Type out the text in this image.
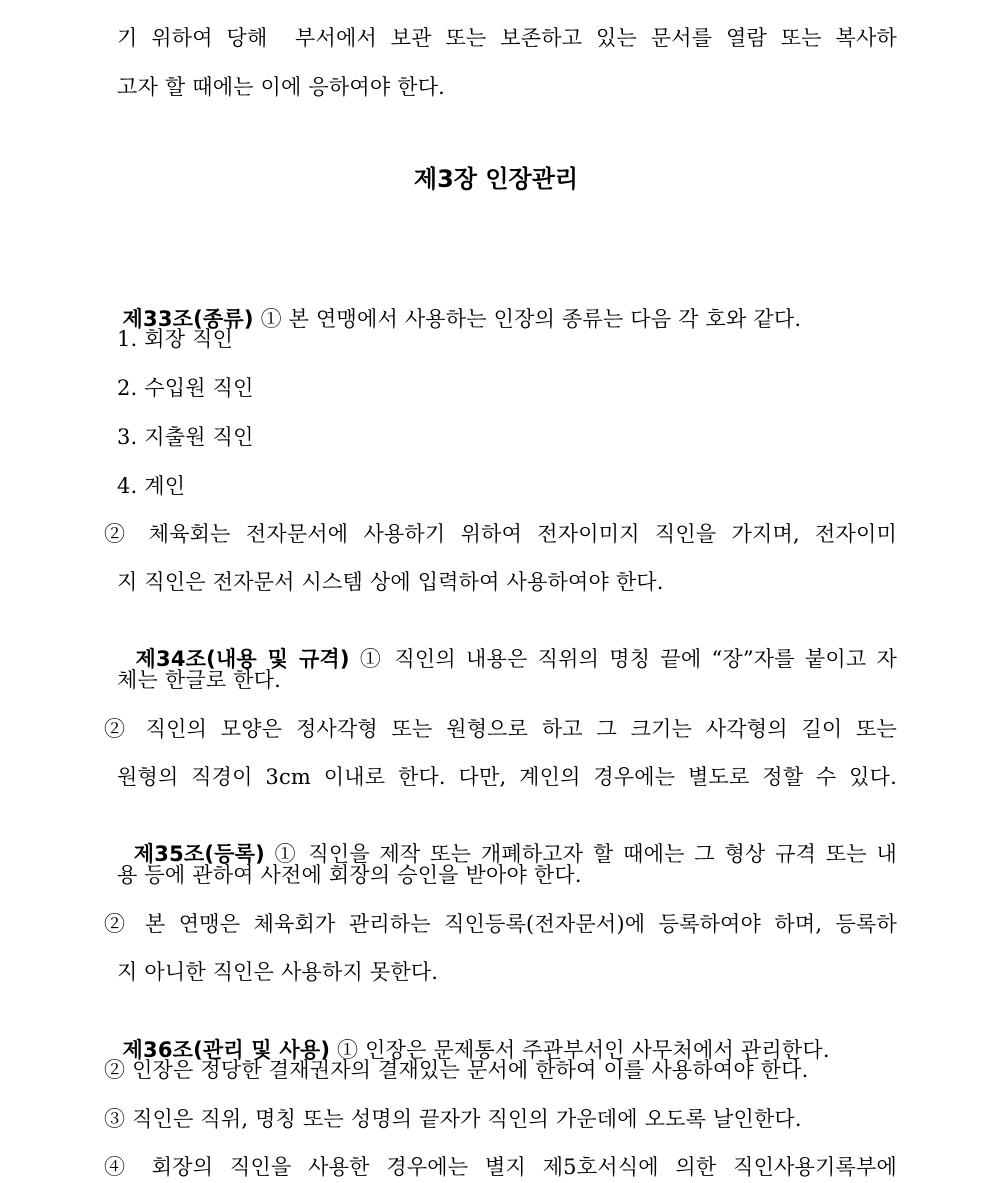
기 위하여 당해  부서에서 보관 또는 보존하고 있는 문서를 열람 또는 복사하
고자 할 때에는 이에 응하여야 한다.
제3장 인장관리

제33조(종류) ① 본 연맹에서 사용하는 인장의 종류는 다음 각 호와 같다.

1. 회장 직인
2. 수입원 직인
3. 지출원 직인
4. 계인
② 체육회는 전자문서에 사용하기 위하여 전자이미지 직인을 가지며, 전자이미
지 직인은 전자문서 시스템 상에 입력하여 사용하여야 한다.

제34조(내용 및 규격) ① 직인의 내용은 직위의 명칭 끝에 “장”자를 붙이고 자

체는 한글로 한다.
② 직인의 모양은 정사각형 또는 원형으로 하고 그 크기는 사각형의 길이 또는
원형의 직경이 3cm 이내로 한다. 다만, 계인의 경우에는 별도로 정할 수 있다.

제35조(등록) ① 직인을 제작 또는 개폐하고자 할 때에는 그 형상 규격 또는 내

용 등에 관하여 사전에 회장의 승인을 받아야 한다.
② 본 연맹은 체육회가 관리하는 직인등록(전자문서)에 등록하여야 하며, 등록하
지 아니한 직인은 사용하지 못한다.

제36조(관리 및 사용) ① 인장은 문제통서 주관부서인 사무처에서 관리한다.

② 인장은 정당한 결재권자의 결재있는 문서에 한하여 이를 사용하여야 한다.
③ 직인은 직위, 명칭 또는 성명의 끝자가 직인의 가운데에 오도록 날인한다.
④ 회장의 직인을 사용한 경우에는 별지 제5호서식에 의한 직인사용기록부에
